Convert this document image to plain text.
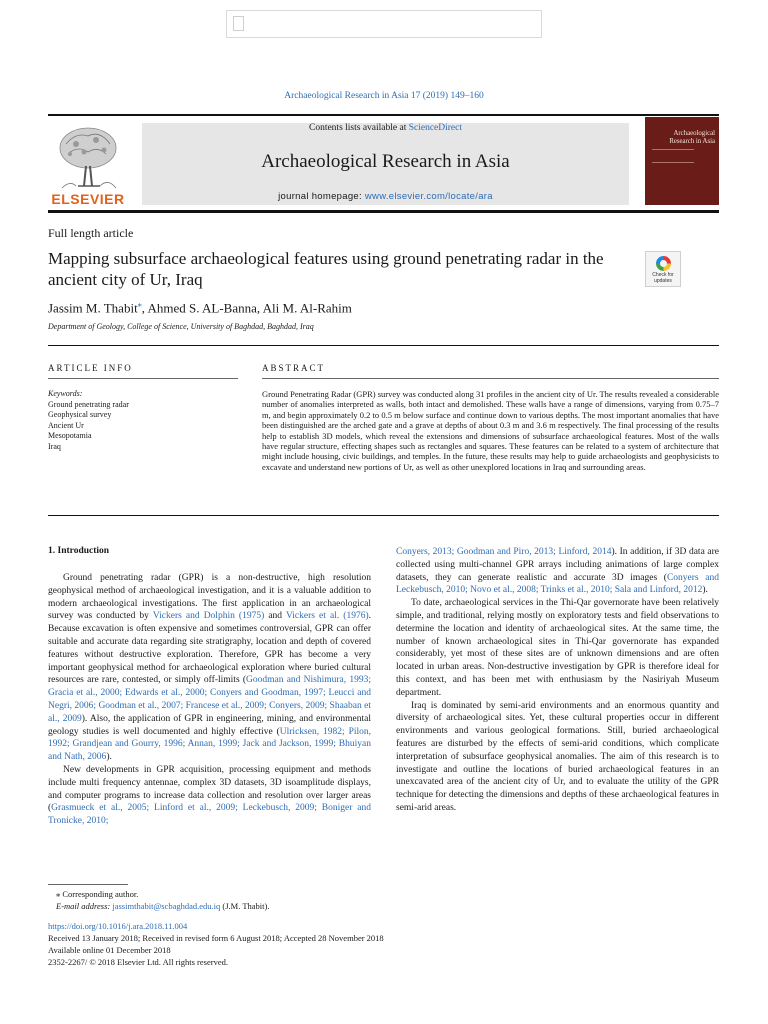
Archaeological Research in Asia 17 (2019) 149–160
ELSEVIER
Contents lists available at ScienceDirect
Archaeological Research in Asia
journal homepage: www.elsevier.com/locate/ara
Archaeological Research in Asia
Full length article
Mapping subsurface archaeological features using ground penetrating radar in the ancient city of Ur, Iraq	Check for updates
Jassim M. Thabit⁎, Ahmed S. AL-Banna, Ali M. Al-Rahim
Department of Geology, College of Science, University of Baghdad, Baghdad, Iraq
ARTICLE INFO	ABSTRACT
Keywords:
Ground penetrating radar
Geophysical survey
Ancient Ur
Mesopotamia
Iraq
Ground Penetrating Radar (GPR) survey was conducted along 31 profiles in the ancient city of Ur. The results revealed a considerable number of anomalies interpreted as walls, both intact and demolished. These walls have a range of dimensions, varying from 0.75–7 m, and begin approximately 0.2 to 0.5 m below surface and continue down to various depths. The most important anomalies that have been distinguished are the arched gate and a grave at depths of about 0.3 m and 3.6 m respectively. The final processing of the results help to establish 3D models, which reveal the extensions and dimensions of subsurface archaeological features. Most of the walls have regular structure, effecting shapes such as rectangles and squares. These features can be related to a system of architecture that might include housing, civic buildings, and temples. In the future, these results may help to guide archaeologists and geophysicists to excavate and understand new portions of Ur, as well as other unexplored locations in Iraq and surrounding areas.
1. Introduction

Ground penetrating radar (GPR) is a non-destructive, high resolution geophysical method of archaeological investigation, and it is a valuable addition to modern archaeological investigations. The first application in an archaeological survey was conducted by Vickers and Dolphin (1975) and Vickers et al. (1976). Because excavation is often expensive and sometimes controversial, GPR can offer suitable and accurate data regarding site stratigraphy, location and depth of covered features without destructive exploration. Therefore, GPR has become a very important geophysical method for archaeological exploration where buried cultural resources are rare, contested, or simply off-limits (Goodman and Nishimura, 1993; Gracia et al., 2000; Edwards et al., 2000; Conyers and Goodman, 1997; Leucci and Negri, 2006; Goodman et al., 2007; Francese et al., 2009; Conyers, 2009; Shaaban et al., 2009). Also, the application of GPR in engineering, mining, and environmental geology studies is well documented and highly effective (Ulricksen, 1982; Pilon, 1992; Grandjean and Gourry, 1996; Annan, 1999; Jack and Jackson, 1999; Bhuiyan and Nath, 2006).

New developments in GPR acquisition, processing equipment and methods include multi frequency antennae, complex 3D datasets, 3D isoamplitude displays, and computer programs to increase data collection and resolution over larger areas (Grasmueck et al., 2005; Linford et al., 2009; Leckebusch, 2009; Boniger and Tronicke, 2010;

Conyers, 2013; Goodman and Piro, 2013; Linford, 2014). In addition, if 3D data are collected using multi-channel GPR arrays including animations of large complex datasets, they can generate realistic and accurate 3D images (Conyers and Leckebusch, 2010; Novo et al., 2008; Trinks et al., 2010; Sala and Linford, 2012).

To date, archaeological services in the Thi-Qar governorate have been relatively simple, and traditional, relying mostly on exploratory tests and field observations to determine the location and identity of archaeological sites. At the same time, the number of known archaeological sites in Thi-Qar governorate has expanded considerably, yet most of these sites are of unknown dimensions and are often located in urban areas. Non-destructive investigation by GPR is therefore ideal for this context, and has been met with enthusiasm by the Nasiriyah Museum department.

Iraq is dominated by semi-arid environments and an enormous quantity and diversity of archaeological sites. Yet, these cultural properties occur in different environments and various geological formations. Still, buried archaeological features are disturbed by the effects of semi-arid conditions, which complicate interpretation of subsurface geophysical anomalies. The aim of this research is to investigate and outline the locations of buried archaeological features in an unexcavated area of the ancient city of Ur, and to evaluate the utility of the GPR technique for detecting the dimensions and depths of these archaeological features in semi-arid areas.

⁎ Corresponding author.
E-mail address: jassimthabit@scbaghdad.edu.iq (J.M. Thabit).
https://doi.org/10.1016/j.ara.2018.11.004
Received 13 January 2018; Received in revised form 6 August 2018; Accepted 28 November 2018
Available online 01 December 2018
2352-2267/ © 2018 Elsevier Ltd. All rights reserved.
